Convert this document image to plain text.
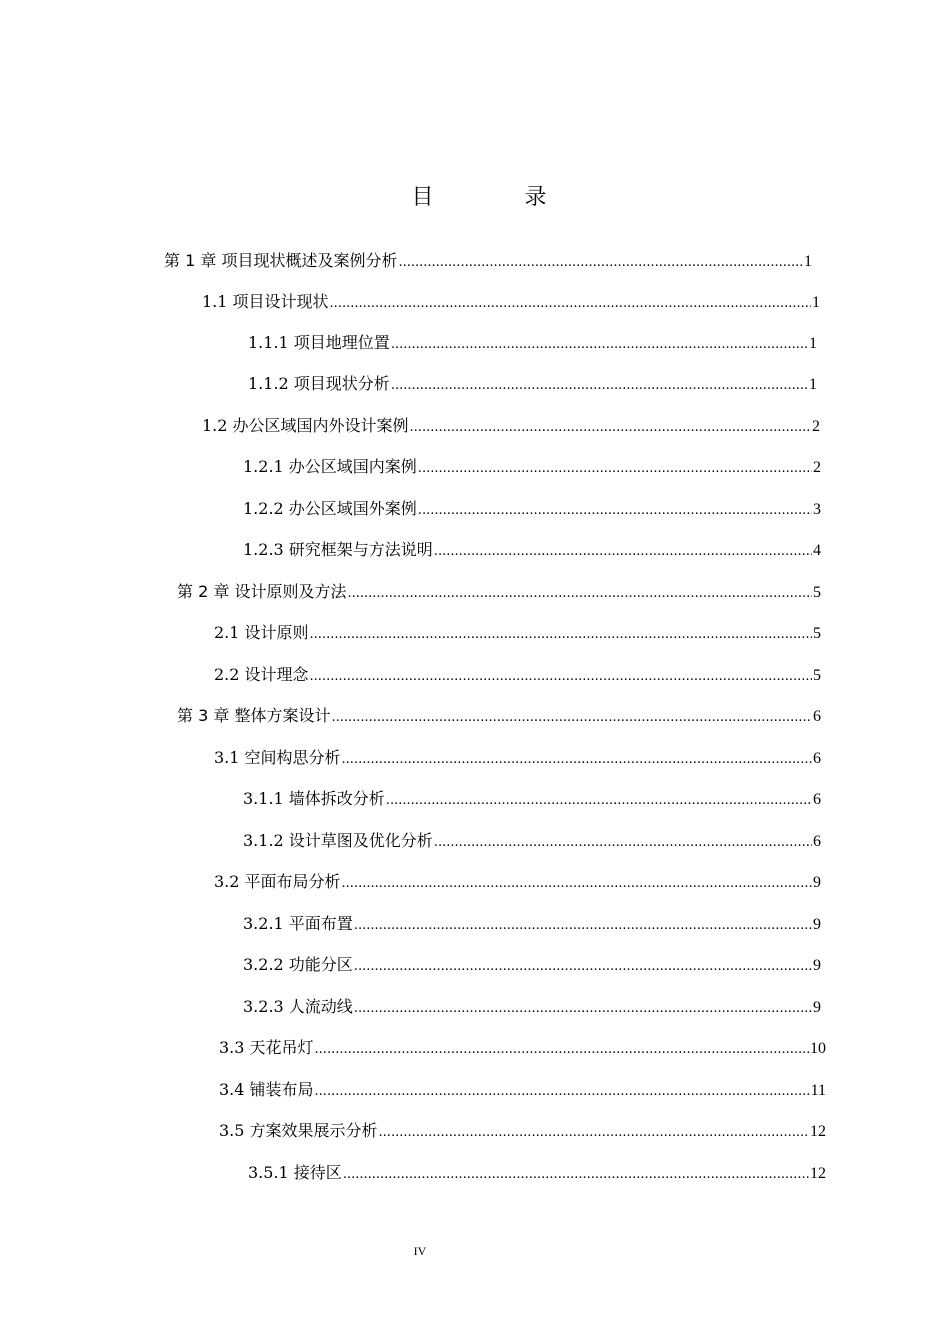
目 录
第 1 章 项目现状概述及案例分析 .....	1
1.1 项目设计现状 .....	1
1.1.1 项目地理位置 .....	1
1.1.2 项目现状分析 .....	1
1.2 办公区域国内外设计案例 .....	2
1.2.1 办公区域国内案例 .....	2
1.2.2 办公区域国外案例 .....	3
1.2.3 研究框架与方法说明 .....	4
第 2 章 设计原则及方法 .....	5
2.1 设计原则 .....	5
2.2 设计理念 .....	5
第 3 章 整体方案设计 .....	6
3.1 空间构思分析 .....	6
3.1.1 墙体拆改分析 .....	6
3.1.2 设计草图及优化分析 .....	6
3.2 平面布局分析 .....	9
3.2.1 平面布置 .....	9
3.2.2 功能分区 .....	9
3.2.3 人流动线 .....	9
3.3 天花吊灯 .....	10
3.4 铺装布局 .....	11
3.5 方案效果展示分析 .....	12
3.5.1 接待区 .....	12
IV
